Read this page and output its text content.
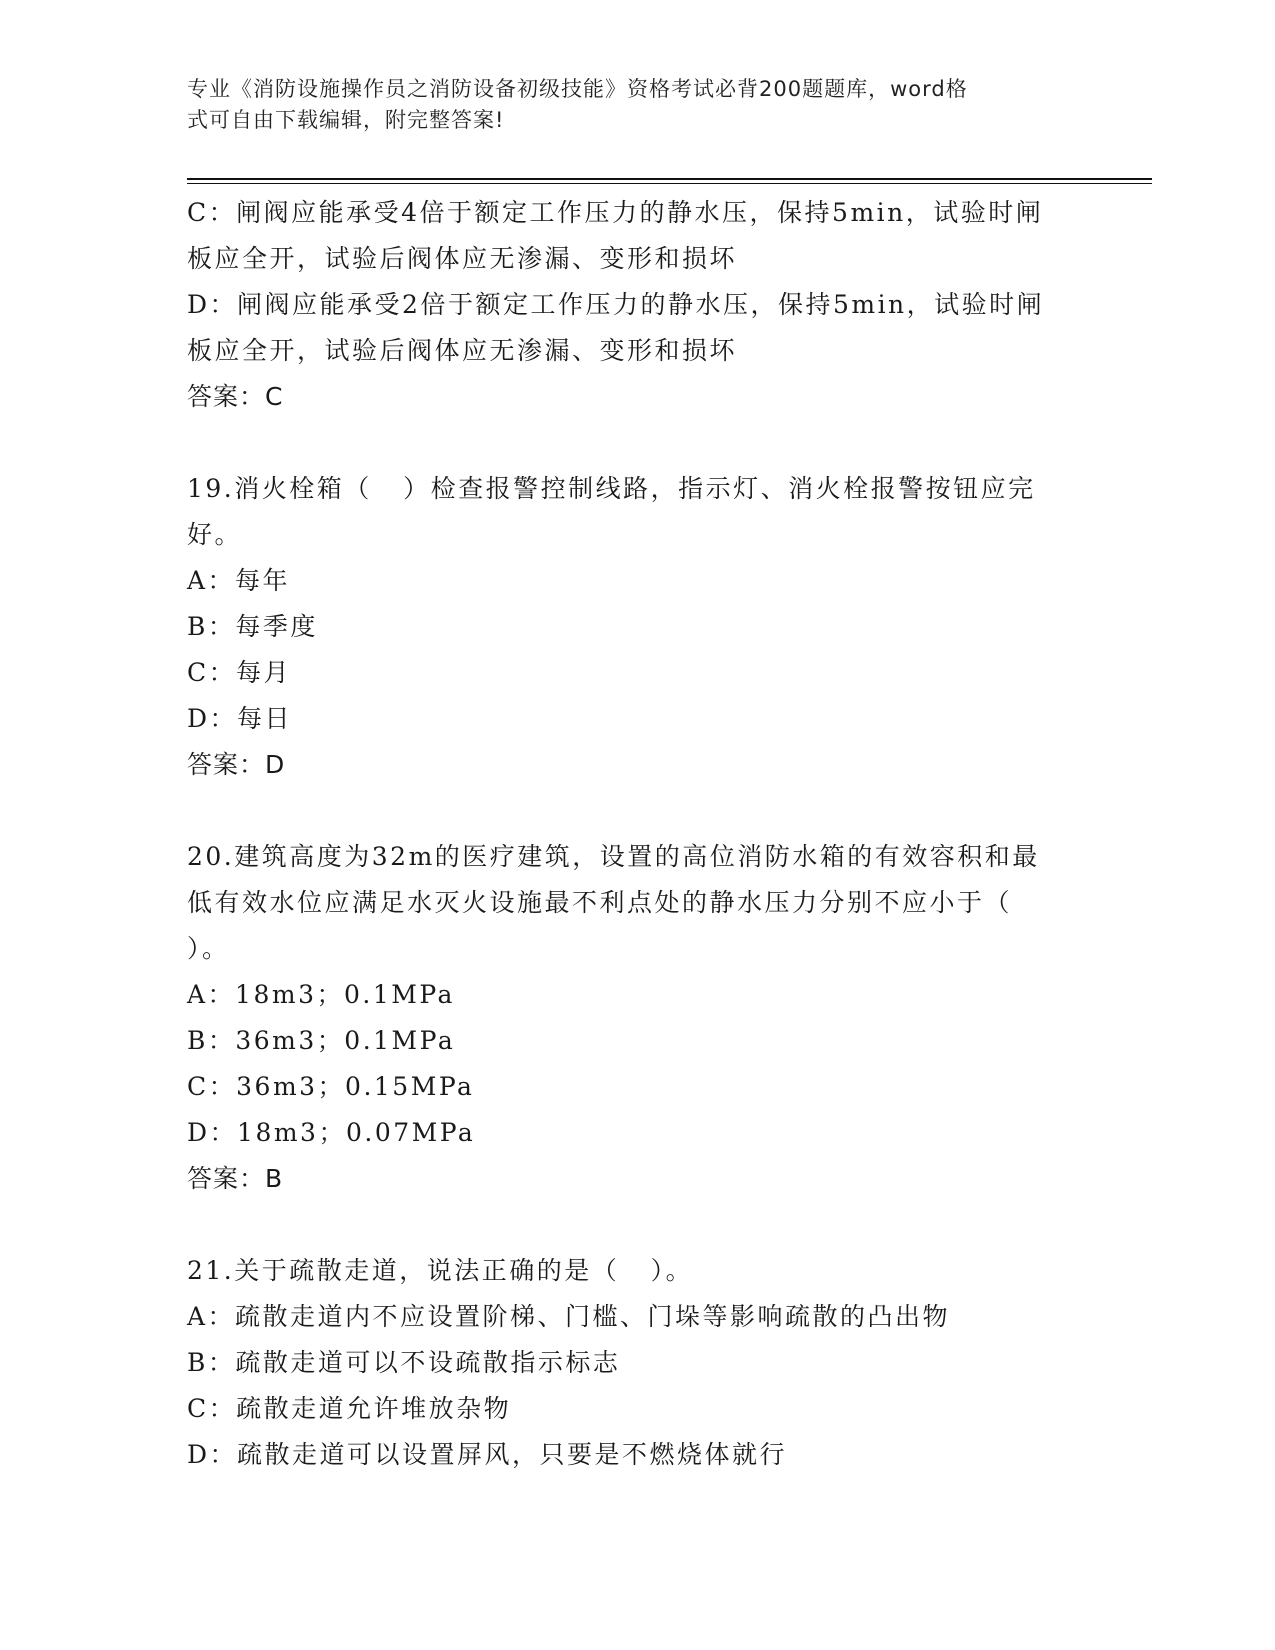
专业《消防设施操作员之消防设备初级技能》资格考试必背200题题库，word格
式可自由下载编辑，附完整答案!
C：闸阀应能承受4倍于额定工作压力的静水压，保持5min，试验时闸
板应全开，试验后阀体应无渗漏、变形和损坏
D：闸阀应能承受2倍于额定工作压力的静水压，保持5min，试验时闸
板应全开，试验后阀体应无渗漏、变形和损坏
答案：C
19.消火栓箱（   ）检查报警控制线路，指示灯、消火栓报警按钮应完
好。
A：每年
B：每季度
C：每月
D：每日
答案：D
20.建筑高度为32m的医疗建筑，设置的高位消防水箱的有效容积和最
低有效水位应满足水灭火设施最不利点处的静水压力分别不应小于（
）。
A：18m3；0.1MPa
B：36m3；0.1MPa
C：36m3；0.15MPa
D：18m3；0.07MPa
答案：B
21.关于疏散走道，说法正确的是（   ）。
A：疏散走道内不应设置阶梯、门槛、门垛等影响疏散的凸出物
B：疏散走道可以不设疏散指示标志
C：疏散走道允许堆放杂物
D：疏散走道可以设置屏风，只要是不燃烧体就行
